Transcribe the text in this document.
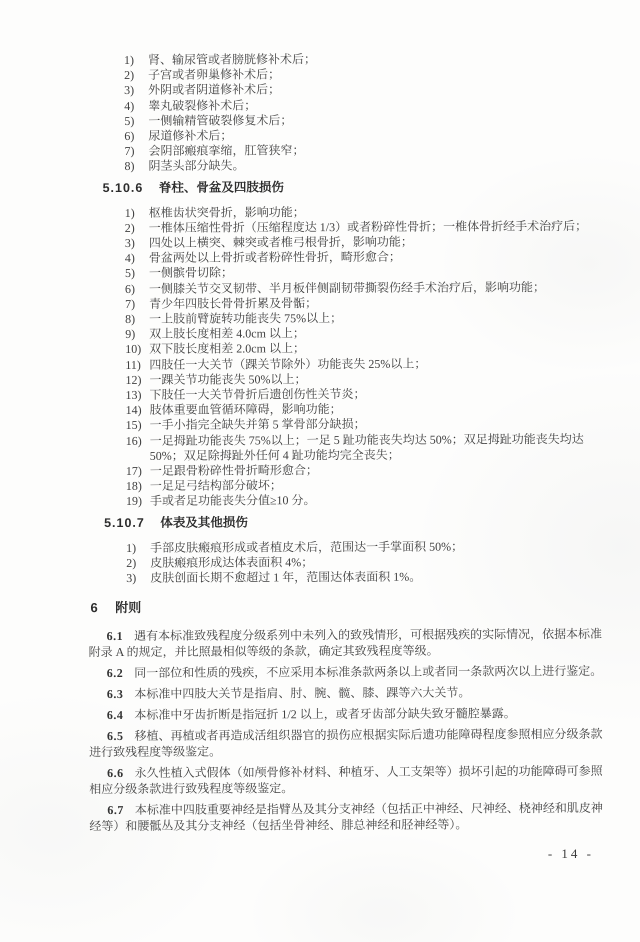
1)	肾、输尿管或者膀胱修补术后；
2)	子宫或者卵巢修补术后；
3)	外阴或者阴道修补术后；
4)	睾丸破裂修补术后；
5)	一侧输精管破裂修复术后；
6)	尿道修补术后；
7)	会阴部瘢痕挛缩，肛管狭窄；
8)	阴茎头部分缺失。
5.10.6 脊柱、骨盆及四肢损伤
1)	枢椎齿状突骨折，影响功能；
2)	一椎体压缩性骨折（压缩程度达 1/3）或者粉碎性骨折；一椎体骨折经手术治疗后；
3)	四处以上横突、棘突或者椎弓根骨折，影响功能；
4)	骨盆两处以上骨折或者粉碎性骨折，畸形愈合；
5)	一侧髌骨切除；
6)	一侧膝关节交叉韧带、半月板伴侧副韧带撕裂伤经手术治疗后，影响功能；
7)	青少年四肢长骨骨折累及骨骺；
8)	一上肢前臂旋转功能丧失 75%以上；
9)	双上肢长度相差 4.0cm 以上；
10) 双下肢长度相差 2.0cm 以上；
11) 四肢任一大关节（踝关节除外）功能丧失 25%以上；
12) 一踝关节功能丧失 50%以上；
13) 下肢任一大关节骨折后遗创伤性关节炎；
14) 肢体重要血管循环障碍，影响功能；
15) 一手小指完全缺失并第 5 掌骨部分缺损；
16) 一足拇趾功能丧失 75%以上；一足 5 趾功能丧失均达 50%；双足拇趾功能丧失均达 50%；双足除拇趾外任何 4 趾功能均完全丧失；
17) 一足跟骨粉碎性骨折畸形愈合；
18) 一足足弓结构部分破坏；
19) 手或者足功能丧失分值≥10 分。
5.10.7 体表及其他损伤
1)	手部皮肤瘢痕形成或者植皮术后，范围达一手掌面积 50%；
2)	皮肤瘢痕形成达体表面积 4%；
3)	皮肤创面长期不愈超过 1 年，范围达体表面积 1%。
6 附则
6.1 遇有本标准致残程度分级系列中未列入的致残情形，可根据残疾的实际情况，依据本标准附录 A 的规定，并比照最相似等级的条款，确定其致残程度等级。
6.2 同一部位和性质的残疾，不应采用本标准条款两条以上或者同一条款两次以上进行鉴定。
6.3 本标准中四肢大关节是指肩、肘、腕、髋、膝、踝等六大关节。
6.4 本标准中牙齿折断是指冠折 1/2 以上，或者牙齿部分缺失致牙髓腔暴露。
6.5 移植、再植或者再造成活组织器官的损伤应根据实际后遗功能障碍程度参照相应分级条款进行致残程度等级鉴定。
6.6 永久性植入式假体（如颅骨修补材料、种植牙、人工支架等）损坏引起的功能障碍可参照相应分级条款进行致残程度等级鉴定。
6.7 本标准中四肢重要神经是指臂丛及其分支神经（包括正中神经、尺神经、桡神经和肌皮神经等）和腰骶丛及其分支神经（包括坐骨神经、腓总神经和胫神经等）。
- 14 -
